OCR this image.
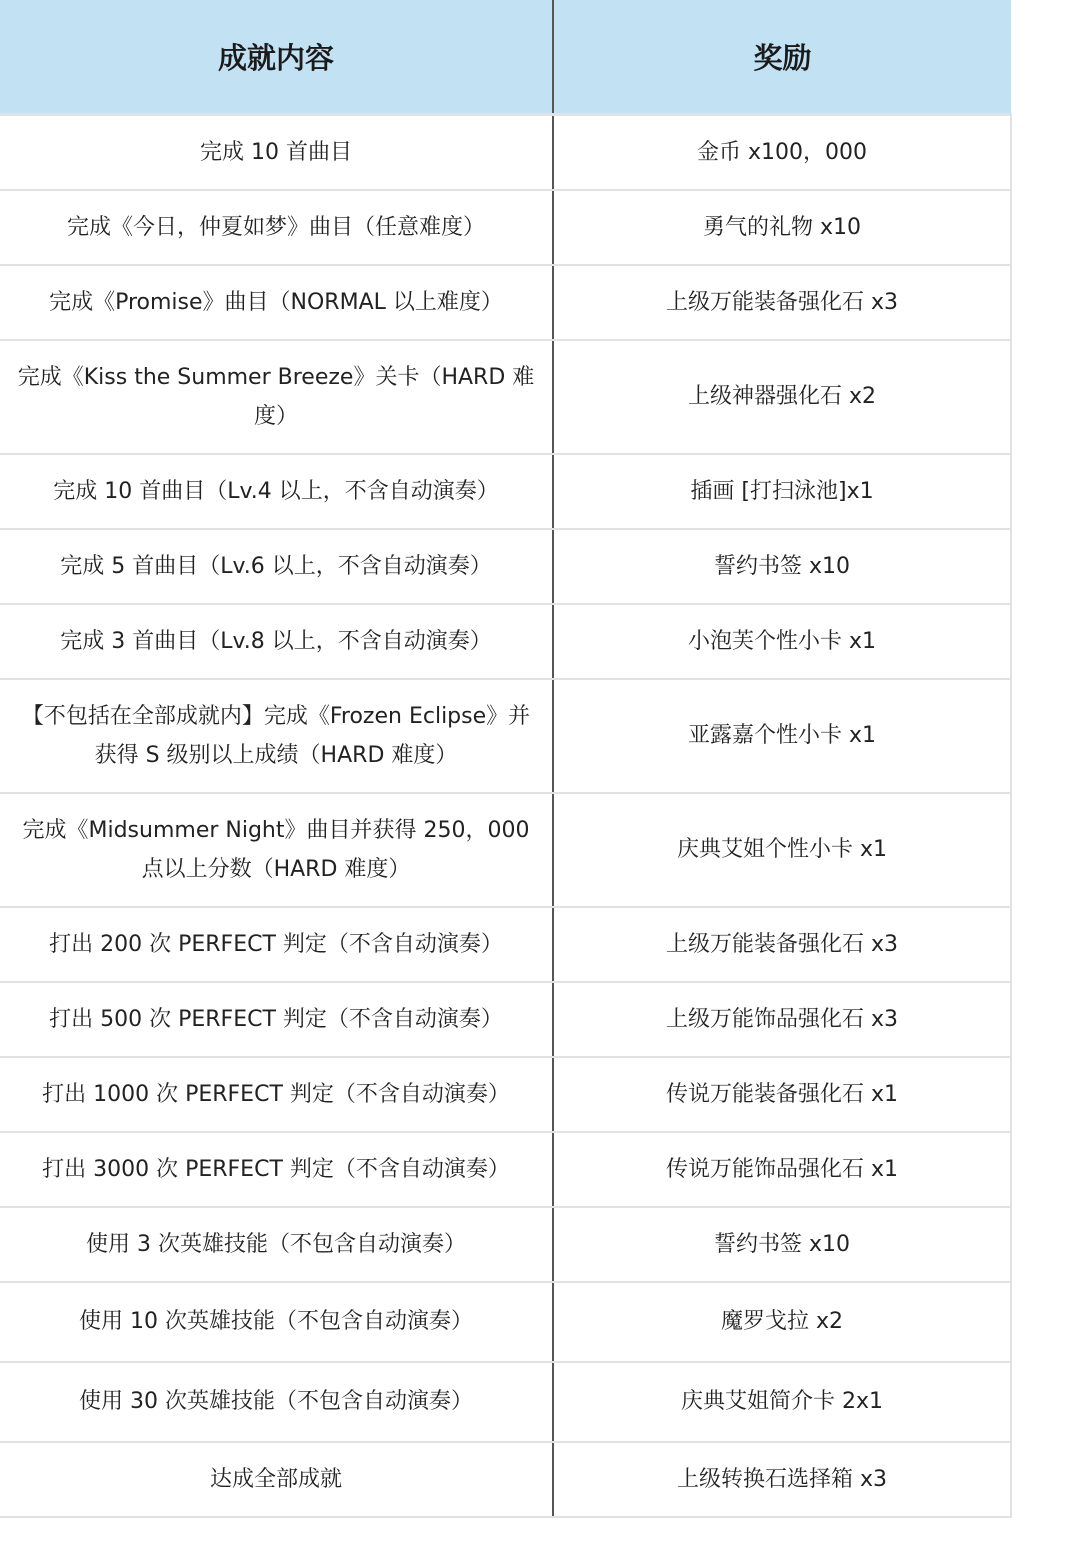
成就内容	奖励
完成 10 首曲目	金币 x100，000
完成《今日，仲夏如梦》曲目（任意难度）	勇气的礼物 x10
完成《Promise》曲目（NORMAL 以上难度）	上级万能装备强化石 x3
完成《Kiss the Summer Breeze》关卡（HARD 难度）	上级神器强化石 x2
完成 10 首曲目（Lv.4 以上，不含自动演奏）	插画 [打扫泳池]x1
完成 5 首曲目（Lv.6 以上，不含自动演奏）	誓约书签 x10
完成 3 首曲目（Lv.8 以上，不含自动演奏）	小泡芙个性小卡 x1
【不包括在全部成就内】完成《Frozen Eclipse》并获得 S 级别以上成绩（HARD 难度）	亚露嘉个性小卡 x1
完成《Midsummer Night》曲目并获得 250，000 点以上分数（HARD 难度）	庆典艾姐个性小卡 x1
打出 200 次 PERFECT 判定（不含自动演奏）	上级万能装备强化石 x3
打出 500 次 PERFECT 判定（不含自动演奏）	上级万能饰品强化石 x3
打出 1000 次 PERFECT 判定（不含自动演奏）	传说万能装备强化石 x1
打出 3000 次 PERFECT 判定（不含自动演奏）	传说万能饰品强化石 x1
使用 3 次英雄技能（不包含自动演奏）	誓约书签 x10
使用 10 次英雄技能（不包含自动演奏）	魔罗戈拉 x2
使用 30 次英雄技能（不包含自动演奏）	庆典艾姐简介卡 2x1
达成全部成就	上级转换石选择箱 x3
